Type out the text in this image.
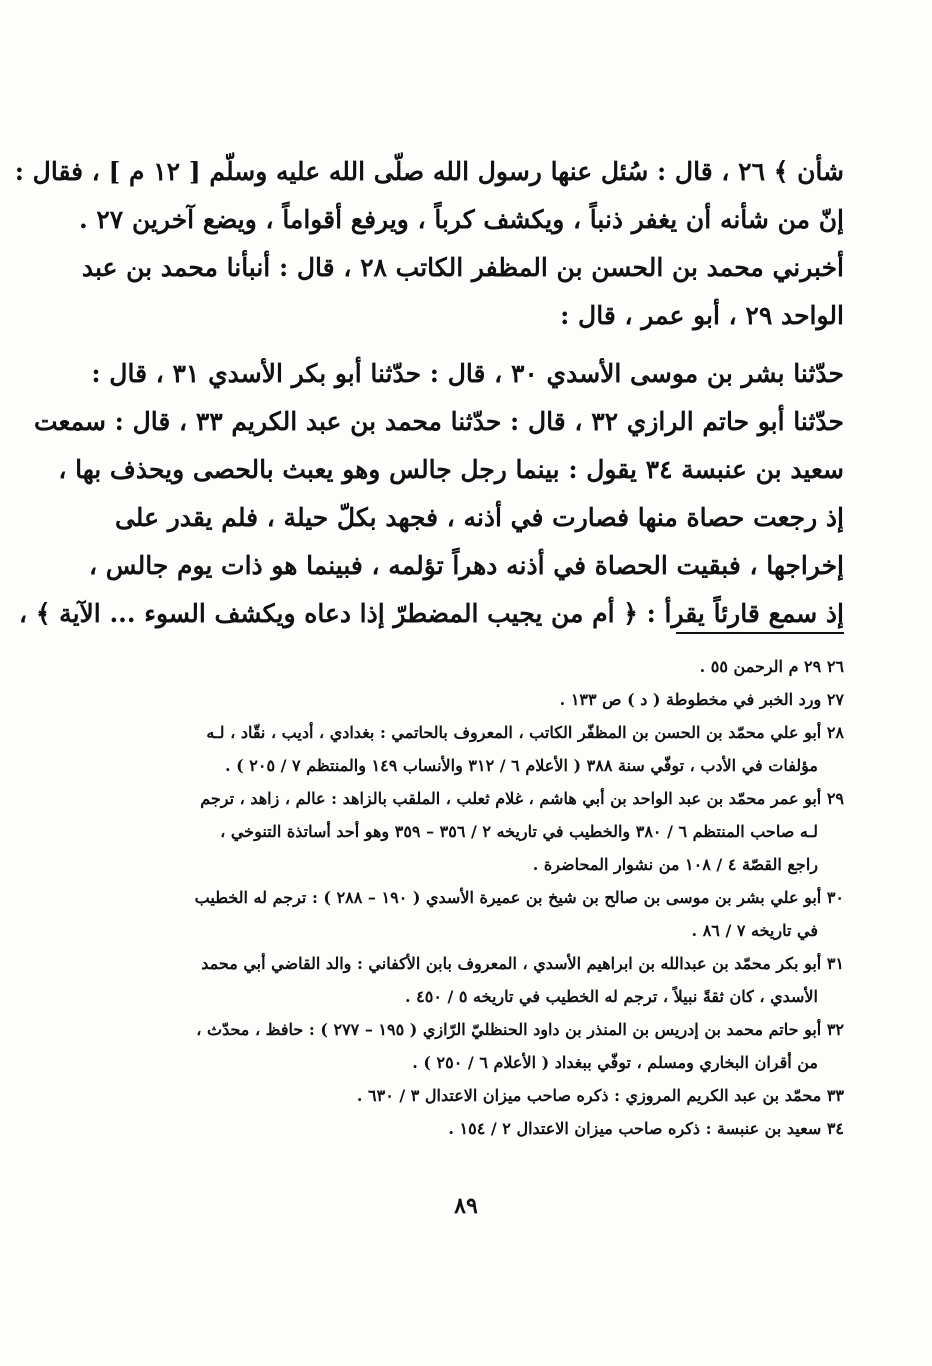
شأن ﴾ ٢٦ ، قال : سُئل عنها رسول الله صلّى الله عليه وسلّم [ ١٢ م ] ، فقال :
إنّ من شأنه أن يغفر ذنباً ، ويكشف كرباً ، ويرفع أقواماً ، ويضع آخرين ٢٧ .
أخبرني محمد بن الحسن بن المظفر الكاتب ٢٨ ، قال : أنبأنا محمد بن عبد
الواحد ٢٩ ، أبو عمر ، قال :
حدّثنا بشر بن موسى الأسدي ٣٠ ، قال : حدّثنا أبو بكر الأسدي ٣١ ، قال :
حدّثنا أبو حاتم الرازي ٣٢ ، قال : حدّثنا محمد بن عبد الكريم ٣٣ ، قال : سمعت
سعيد بن عنبسة ٣٤ يقول : بينما رجل جالس وهو يعبث بالحصى ويحذف بها ،
إذ رجعت حصاة منها فصارت في أذنه ، فجهد بكلّ حيلة ، فلم يقدر على
إخراجها ، فبقيت الحصاة في أذنه دهراً تؤلمه ، فبينما هو ذات يوم جالس ،
إذ سمع قارئاً يقرأ : ﴿ أم من يجيب المضطرّ إذا دعاه ويكشف السوء ... الآية ﴾ ،
٢٦ ٢٩ م الرحمن ٥٥ .
٢٧ ورد الخبر في مخطوطة ( د ) ص ١٣٣ .
٢٨ أبو علي محمّد بن الحسن بن المظفّر الكاتب ، المعروف بالحاتمي : بغدادي ، أديب ، نقّاد ، لـه
مؤلفات في الأدب ، توفّي سنة ٣٨٨ ( الأعلام ٦ / ٣١٢ والأنساب ١٤٩ والمنتظم ٧ / ٢٠٥ ) .
٢٩ أبو عمر محمّد بن عبد الواحد بن أبي هاشم ، غلام ثعلب ، الملقب بالزاهد : عالم ، زاهد ، ترجم
لـه صاحب المنتظم ٦ / ٣٨٠ والخطيب في تاريخه ٢ / ٣٥٦ – ٣٥٩ وهو أحد أساتذة التنوخي ،
راجع القصّة ٤ / ١٠٨ من نشوار المحاضرة .
٣٠ أبو علي بشر بن موسى بن صالح بن شيخ بن عميرة الأسدي ( ١٩٠ – ٢٨٨ ) : ترجم له الخطيب
في تاريخه ٧ / ٨٦ .
٣١ أبو بكر محمّد بن عبدالله بن ابراهيم الأسدي ، المعروف بابن الأكفاني : والد القاضي أبي محمد
الأسدي ، كان ثقةً نبيلاً ، ترجم له الخطيب في تاريخه ٥ / ٤٥٠ .
٣٢ أبو حاتم محمد بن إدريس بن المنذر بن داود الحنظليّ الرّازي ( ١٩٥ – ٢٧٧ ) : حافظ ، محدّث ،
من أقران البخاري ومسلم ، توفّي ببغداد ( الأعلام ٦ / ٢٥٠ ) .
٣٣ محمّد بن عبد الكريم المروزي : ذكره صاحب ميزان الاعتدال ٣ / ٦٣٠ .
٣٤ سعيد بن عنبسة : ذكره صاحب ميزان الاعتدال ٢ / ١٥٤ .
٨٩
